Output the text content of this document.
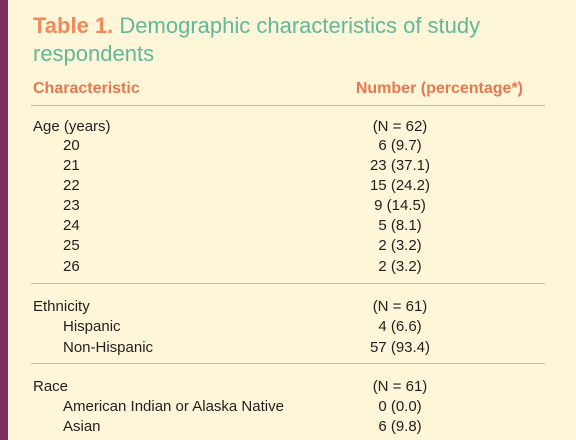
Table 1. Demographic characteristics of study respondents
Characteristic	Number (percentage*)
Age (years)	(N = 62)
20	6 (9.7)
21	23 (37.1)
22	15 (24.2)
23	9 (14.5)
24	5 (8.1)
25	2 (3.2)
26	2 (3.2)
Ethnicity	(N = 61)
Hispanic	4 (6.6)
Non-Hispanic	57 (93.4)
Race	(N = 61)
American Indian or Alaska Native	0 (0.0)
Asian	6 (9.8)
